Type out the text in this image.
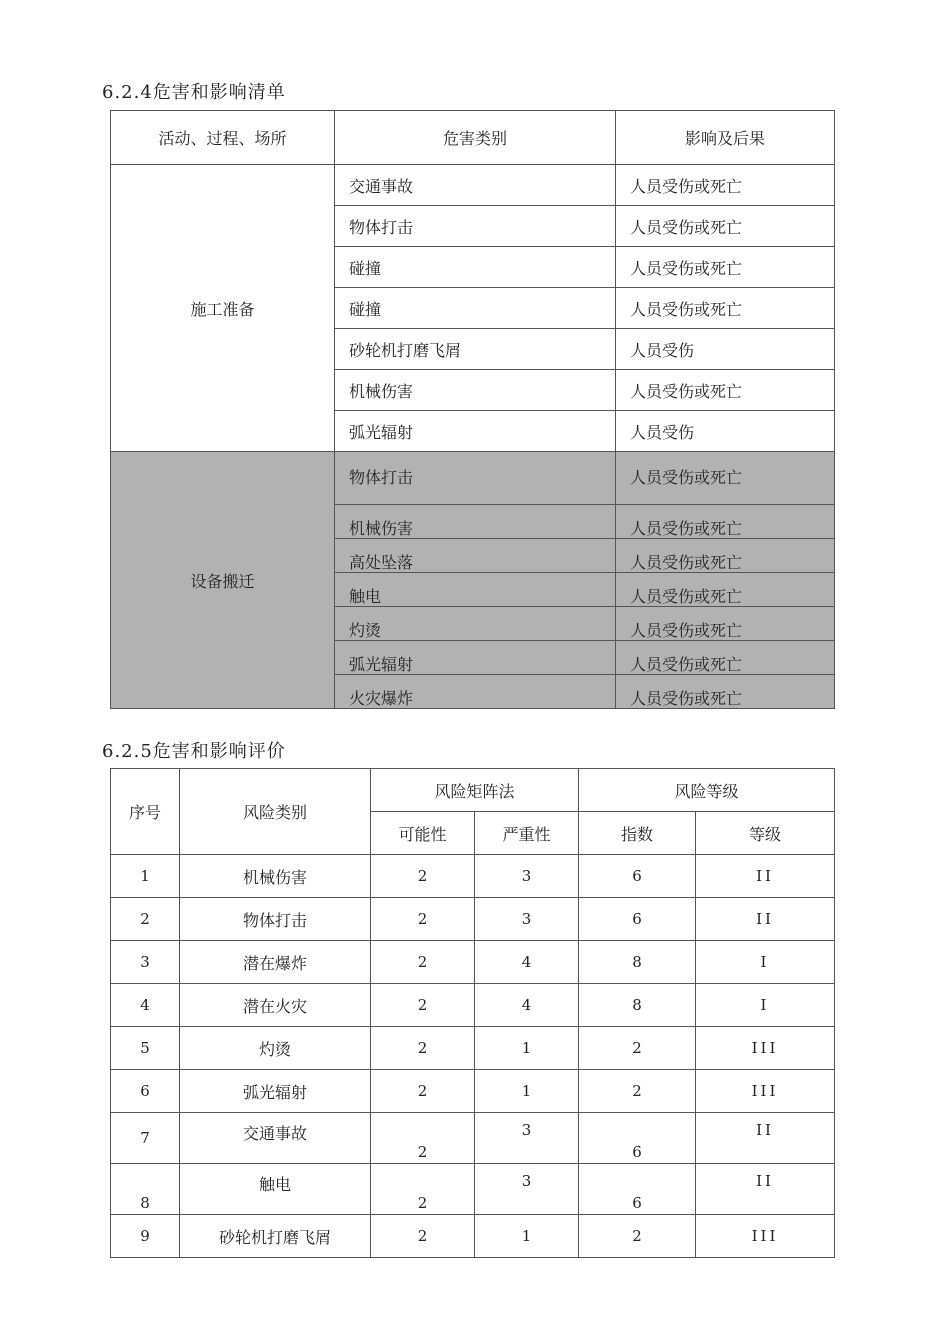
6.2.4危害和影响清单
活动、过程、场所	危害类别	影响及后果
施工准备	交通事故	人员受伤或死亡
	物体打击	人员受伤或死亡
	碰撞	人员受伤或死亡
	碰撞	人员受伤或死亡
	砂轮机打磨飞屑	人员受伤
	机械伤害	人员受伤或死亡
	弧光辐射	人员受伤
设备搬迁	物体打击	人员受伤或死亡
	机械伤害	人员受伤或死亡
	高处坠落	人员受伤或死亡
	触电	人员受伤或死亡
	灼烫	人员受伤或死亡
	弧光辐射	人员受伤或死亡
	火灾爆炸	人员受伤或死亡
6.2.5危害和影响评价
序号	风险类别	风险矩阵法		风险等级	
		可能性	严重性	指数	等级
1	机械伤害	2	3	6	II
2	物体打击	2	3	6	II
3	潜在爆炸	2	4	8	I
4	潜在火灾	2	4	8	I
5	灼烫	2	1	2	III
6	弧光辐射	2	1	2	III
7	交通事故	2	3	6	II
8	触电	2	3	6	II
9	砂轮机打磨飞屑	2	1	2	III
